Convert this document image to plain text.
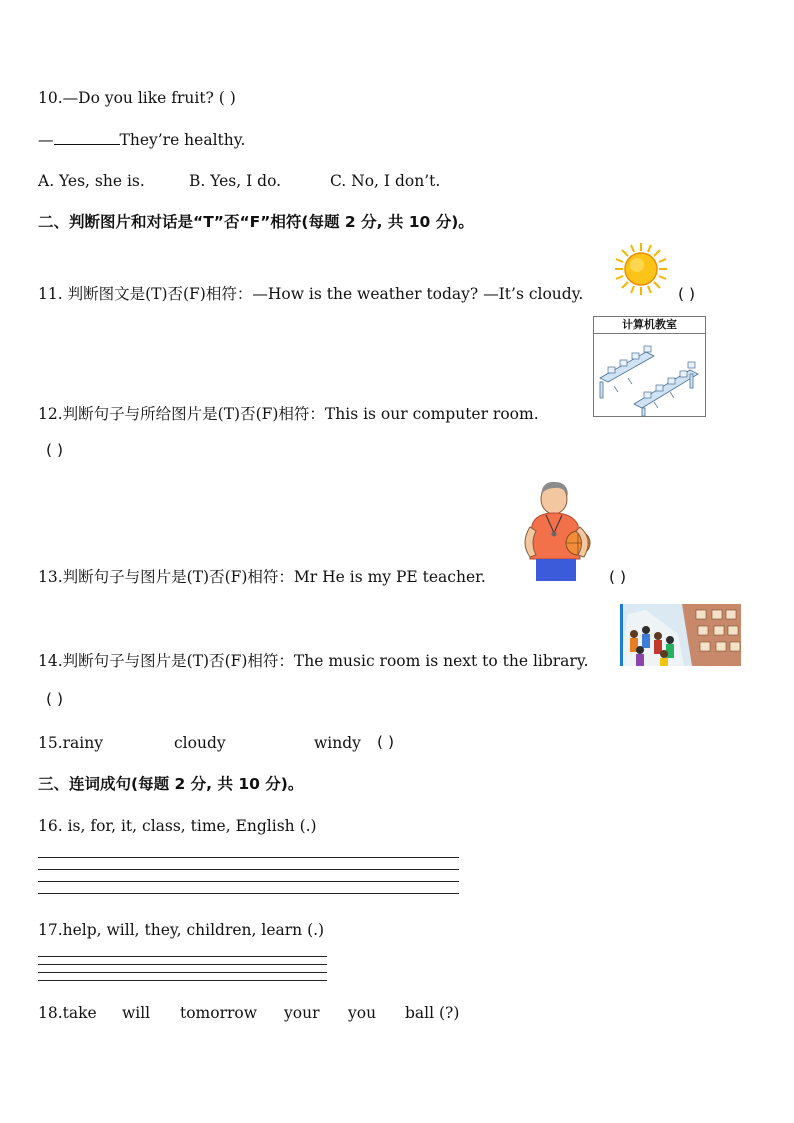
10.—Do you like fruit? ( )
—	They’re healthy.
A. Yes, she is.	B. Yes, I do.	C. No, I don’t.
二、判断图片和对话是“T”否“F”相符(每题 2 分, 共 10 分)。
11. 判断图文是(T)否(F)相符：—How is the weather today? —It’s cloudy.	( )
12.判断句子与所给图片是(T)否(F)相符：This is our computer room.
计算机教室
( )
13.判断句子与图片是(T)否(F)相符：Mr He is my PE teacher.	( )
14.判断句子与图片是(T)否(F)相符：The music room is next to the library.
( )
15.rainy	cloudy	windy ( )
三、连词成句(每题 2 分, 共 10 分)。
16. is, for, it, class, time, English (.)
17.help, will, they, children, learn (.)
18.take will tomorrow your you ball (?)
